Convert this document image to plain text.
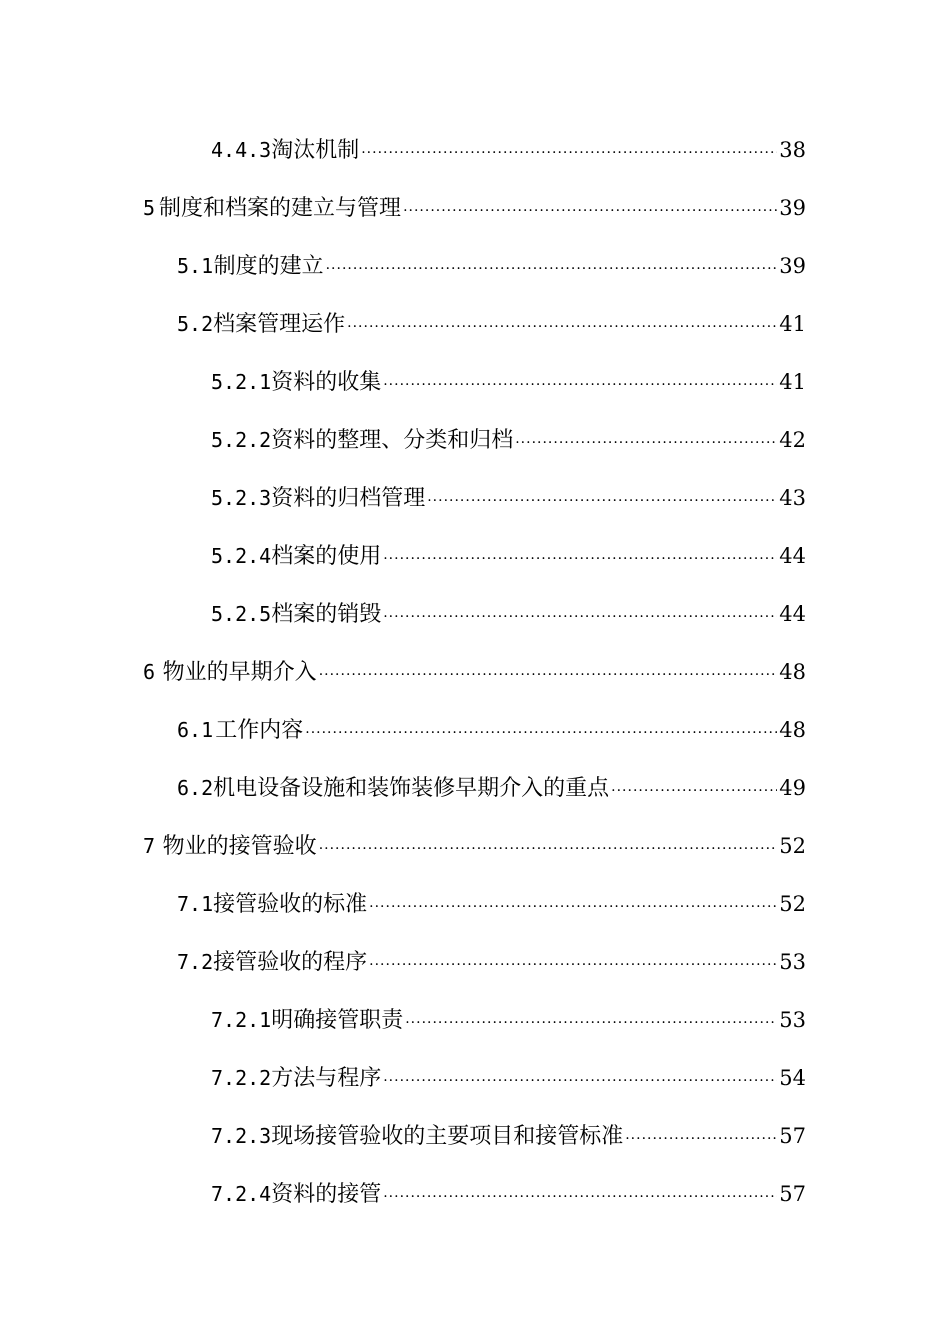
4.4.3 淘汰机制 ·····	38
5 制度和档案的建立与管理 ·····	39
5.1 制度的建立 ·····	39
5.2 档案管理运作 ·····	41
5.2.1 资料的收集 ·····	41
5.2.2 资料的整理、分类和归档 ·····	42
5.2.3 资料的归档管理 ·····	43
5.2.4 档案的使用 ·····	44
5.2.5 档案的销毁 ·····	44
6 物业的早期介入 ·····	48
6.1 工作内容 ·····	48
6.2 机电设备设施和装饰装修早期介入的重点 ·····	49
7 物业的接管验收 ·····	52
7.1 接管验收的标准 ·····	52
7.2 接管验收的程序 ·····	53
7.2.1 明确接管职责 ·····	53
7.2.2 方法与程序 ·····	54
7.2.3 现场接管验收的主要项目和接管标准 ·····	57
7.2.4 资料的接管 ·····	57
